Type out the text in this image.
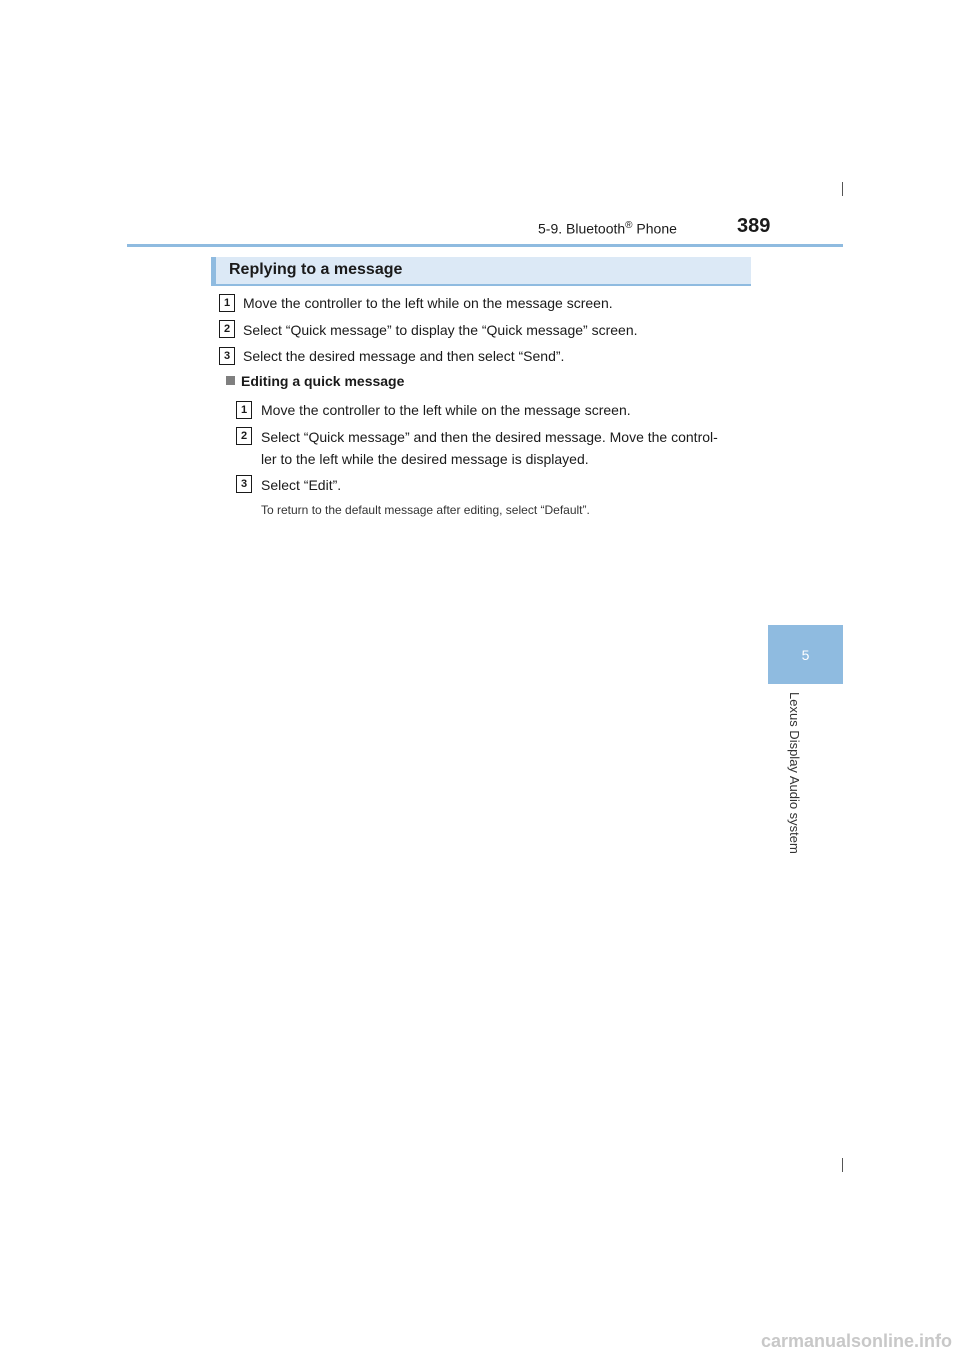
5-9. Bluetooth® Phone	389
5
Lexus Display Audio system
Replying to a message
1 Move the controller to the left while on the message screen.
2 Select “Quick message” to display the “Quick message” screen.
3 Select the desired message and then select “Send”.
Editing a quick message
1 Move the controller to the left while on the message screen.
2 Select “Quick message” and then the desired message. Move the control-
ler to the left while the desired message is displayed.
3 Select “Edit”.
To return to the default message after editing, select “Default”.
carmanualsonline.info
